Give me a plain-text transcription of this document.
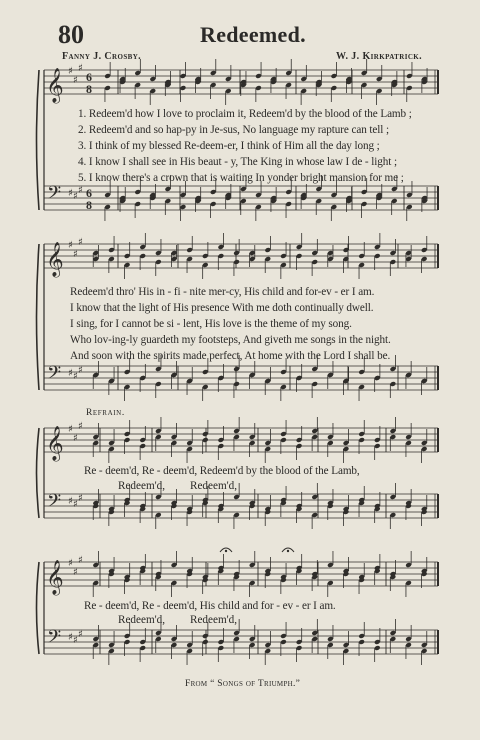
80	Redeemed.
Fanny J. Crosby.	W. J. Kirkpatrick.
𝄞
𝄢
♯
♯
♯
♯ ♯
♯
6
8
6
8
𝄞
𝄢
♯
♯
♯
♯ ♯
♯
𝄞
𝄢
♯
♯
♯
♯ ♯
♯
𝄞
𝄢
♯
♯
♯
♯ ♯
♯
1. Redeem'd how I love to proclaim it, Redeem'd by the blood of the Lamb ;
2. Redeem'd and so hap-py in Je-sus, No language my rapture can tell ;
3. I think of my blessed Re-deem-er, I think of Him all the day long ;
4. I know I shall see in His beaut - y, The King in whose law I de - light ;
5. I know there's a crown that is waiting In yonder bright mansion for me ;
Redeem'd thro' His in - fi - nite mer-cy, His child and for-ev - er I am.
I know that the light of His presence With me doth continually dwell.
I sing, for I cannot be si - lent, His love is the theme of my song.
Who lov-ing-ly guardeth my footsteps, And giveth me songs in the night.
And soon with the spirits made perfect, At home with the Lord I shall be.
Refrain.
Re - deem'd, Re - deem'd, Redeem'd by the blood of the Lamb,
Redeem'd, Redeem'd,
Re - deem'd, Re - deem'd, His child and for - ev - er I am.
Redeem'd, Redeem'd,
From “ Songs of Triumph.”
